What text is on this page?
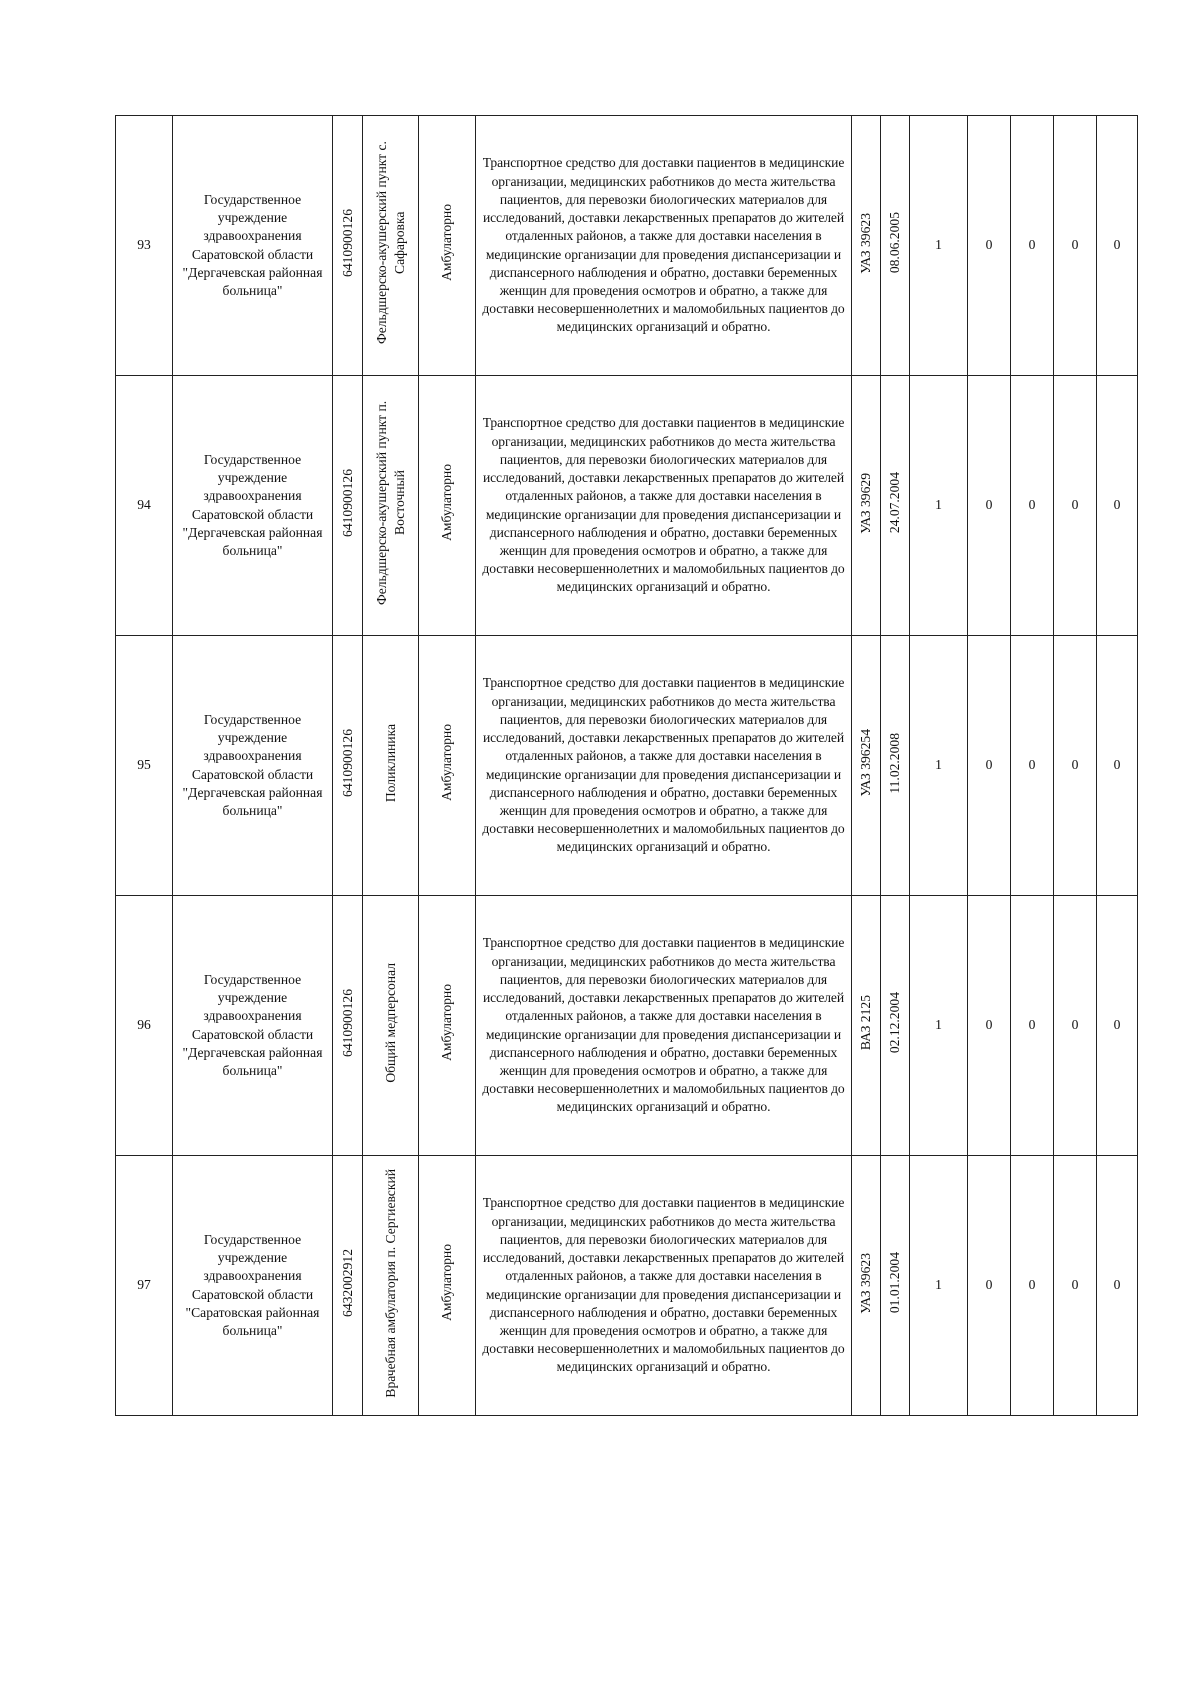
93	Государственное учреждение здравоохранения Саратовской области "Дергачевская районная больница"	6410900126	Фельдшерско-акушерский пункт с. Сафаровка	Амбулаторно	Транспортное средство для доставки пациентов в медицинские организации, медицинских работников до места жительства пациентов, для перевозки биологических материалов для исследований, доставки лекарственных препаратов до жителей отдаленных районов, а также для доставки населения в медицинские организации для проведения диспансеризации и диспансерного наблюдения и обратно, доставки беременных женщин для проведения осмотров и обратно, а также для доставки несовершеннолетних и маломобильных пациентов до медицинских организаций и обратно.	УАЗ 39623	08.06.2005	1	0	0	0	0
94	Государственное учреждение здравоохранения Саратовской области "Дергачевская районная больница"	6410900126	Фельдшерско-акушерский пункт п. Восточный	Амбулаторно	Транспортное средство для доставки пациентов в медицинские организации, медицинских работников до места жительства пациентов, для перевозки биологических материалов для исследований, доставки лекарственных препаратов до жителей отдаленных районов, а также для доставки населения в медицинские организации для проведения диспансеризации и диспансерного наблюдения и обратно, доставки беременных женщин для проведения осмотров и обратно, а также для доставки несовершеннолетних и маломобильных пациентов до медицинских организаций и обратно.	УАЗ 39629	24.07.2004	1	0	0	0	0
95	Государственное учреждение здравоохранения Саратовской области "Дергачевская районная больница"	6410900126	Поликлиника	Амбулаторно	Транспортное средство для доставки пациентов в медицинские организации, медицинских работников до места жительства пациентов, для перевозки биологических материалов для исследований, доставки лекарственных препаратов до жителей отдаленных районов, а также для доставки населения в медицинские организации для проведения диспансеризации и диспансерного наблюдения и обратно, доставки беременных женщин для проведения осмотров и обратно, а также для доставки несовершеннолетних и маломобильных пациентов до медицинских организаций и обратно.	УАЗ 396254	11.02.2008	1	0	0	0	0
96	Государственное учреждение здравоохранения Саратовской области "Дергачевская районная больница"	6410900126	Общий медперсонал	Амбулаторно	Транспортное средство для доставки пациентов в медицинские организации, медицинских работников до места жительства пациентов, для перевозки биологических материалов для исследований, доставки лекарственных препаратов до жителей отдаленных районов, а также для доставки населения в медицинские организации для проведения диспансеризации и диспансерного наблюдения и обратно, доставки беременных женщин для проведения осмотров и обратно, а также для доставки несовершеннолетних и маломобильных пациентов до медицинских организаций и обратно.	ВАЗ 2125	02.12.2004	1	0	0	0	0
97	Государственное учреждение здравоохранения Саратовской области "Саратовская районная больница"	6432002912	Врачебная амбулатория п. Сергиевский	Амбулаторно	Транспортное средство для доставки пациентов в медицинские организации, медицинских работников до места жительства пациентов, для перевозки биологических материалов для исследований, доставки лекарственных препаратов до жителей отдаленных районов, а также для доставки населения в медицинские организации для проведения диспансеризации и диспансерного наблюдения и обратно, доставки беременных женщин для проведения осмотров и обратно, а также для доставки несовершеннолетних и маломобильных пациентов до медицинских организаций и обратно.	УАЗ 39623	01.01.2004	1	0	0	0	0
